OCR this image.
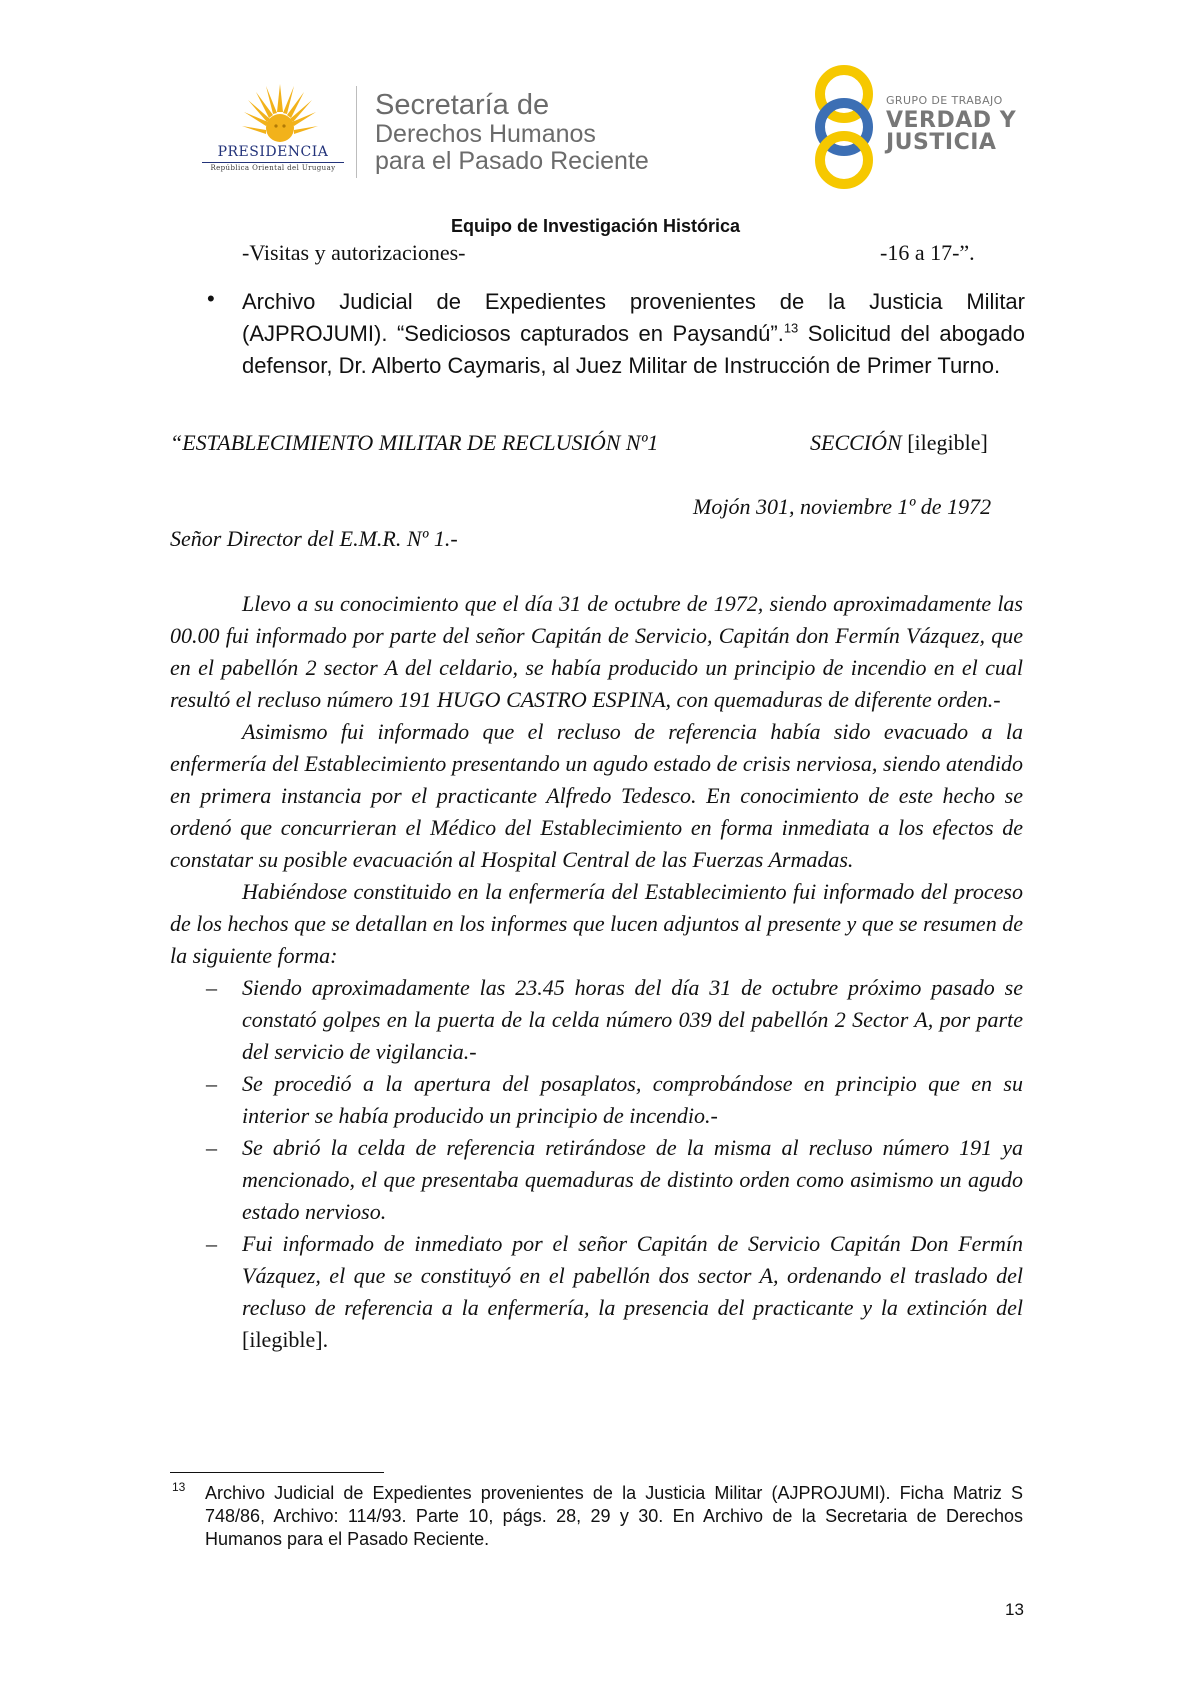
PRESIDENCIA
República Oriental del Uruguay
Secretaría de
Derechos Humanos
para el Pasado Reciente
GRUPO DE TRABAJO
VERDAD Y
JUSTICIA
Equipo de Investigación Histórica
-Visitas y autorizaciones-	-16 a 17-”.
• Archivo Judicial de Expedientes provenientes de la Justicia Militar (AJPROJUMI). “Sediciosos capturados en Paysandú”.$^{13}$ Solicitud del abogado defensor, Dr. Alberto Caymaris, al Juez Militar de Instrucción de Primer Turno.
“ESTABLECIMIENTO MILITAR DE RECLUSIÓN Nº1	SECCIÓN [ilegible]
Mojón 301, noviembre 1º de 1972
Señor Director del E.M.R. Nº 1.-

Llevo a su conocimiento que el día 31 de octubre de 1972, siendo aproximadamente las 00.00 fui informado por parte del señor Capitán de Servicio, Capitán don Fermín Vázquez, que en el pabellón 2 sector A del celdario, se había producido un principio de incendio en el cual resultó el recluso número 191 HUGO CASTRO ESPINA, con quemaduras de diferente orden.-

Asimismo fui informado que el recluso de referencia había sido evacuado a la enfermería del Establecimiento presentando un agudo estado de crisis nerviosa, siendo atendido en primera instancia por el practicante Alfredo Tedesco. En conocimiento de este hecho se ordenó que concurrieran el Médico del Establecimiento en forma inmediata a los efectos de constatar su posible evacuación al Hospital Central de las Fuerzas Armadas.

Habiéndose constituido en la enfermería del Establecimiento fui informado del proceso de los hechos que se detallan en los informes que lucen adjuntos al presente y que se resumen de la siguiente forma:

– Siendo aproximadamente las 23.45 horas del día 31 de octubre próximo pasado se constató golpes en la puerta de la celda número 039 del pabellón 2 Sector A, por parte del servicio de vigilancia.-
– Se procedió a la apertura del posaplatos, comprobándose en principio que en su interior se había producido un principio de incendio.-
– Se abrió la celda de referencia retirándose de la misma al recluso número 191 ya mencionado, el que presentaba quemaduras de distinto orden como asimismo un agudo estado nervioso.
– Fui informado de inmediato por el señor Capitán de Servicio Capitán Don Fermín Vázquez, el que se constituyó en el pabellón dos sector A, ordenando el traslado del recluso de referencia a la enfermería, la presencia del practicante y la extinción del [ilegible].
13 Archivo Judicial de Expedientes provenientes de la Justicia Militar (AJPROJUMI). Ficha Matriz S 748/86, Archivo: 114/93. Parte 10, págs. 28, 29 y 30. En Archivo de la Secretaria de Derechos Humanos para el Pasado Reciente.
13
